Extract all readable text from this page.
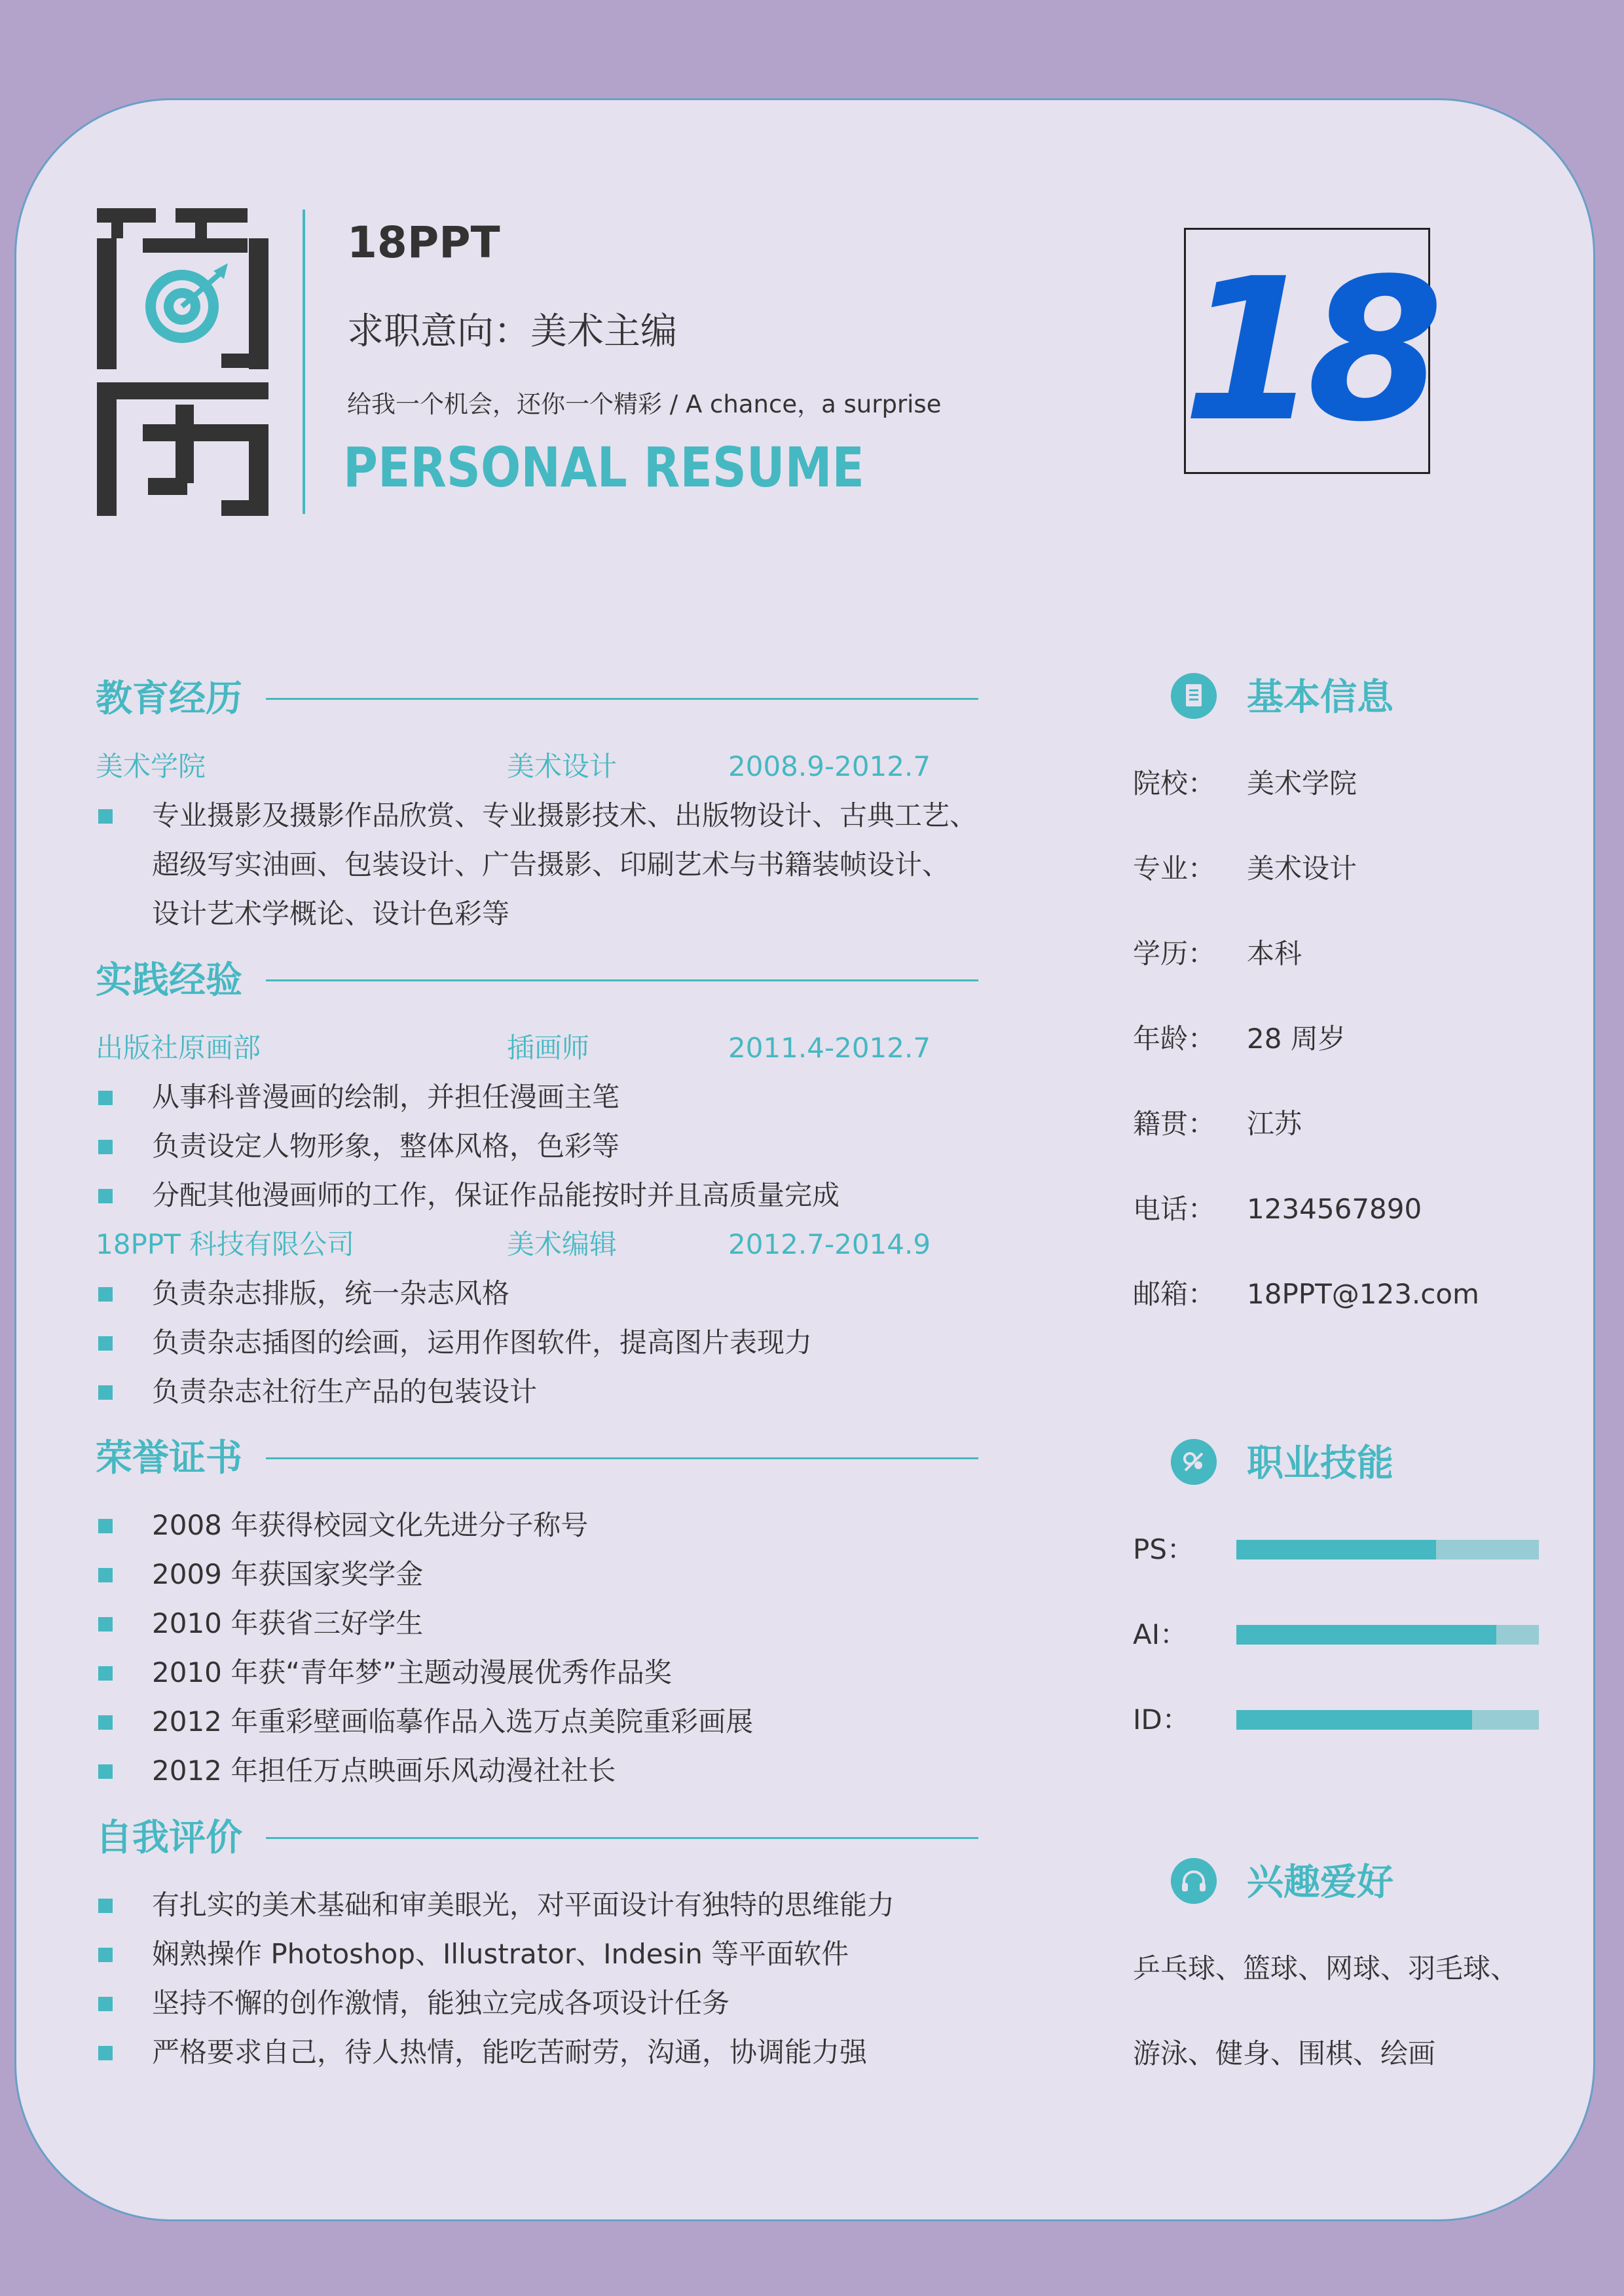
18PPT
求职意向：美术主编
给我一个机会，还你一个精彩 / A chance，a surprise
PERSONAL RESUME
18
教育经历
美术学院	美术设计	2008.9-2012.7
专业摄影及摄影作品欣赏、专业摄影技术、出版物设计、古典工艺、
超级写实油画、包装设计、广告摄影、印刷艺术与书籍装帧设计、
设计艺术学概论、设计色彩等
实践经验
出版社原画部	插画师	2011.4-2012.7
从事科普漫画的绘制，并担任漫画主笔
负责设定人物形象，整体风格，色彩等
分配其他漫画师的工作，保证作品能按时并且高质量完成
18PPT 科技有限公司	美术编辑	2012.7-2014.9
负责杂志排版，统一杂志风格
负责杂志插图的绘画，运用作图软件，提高图片表现力
负责杂志社衍生产品的包装设计
荣誉证书
2008 年获得校园文化先进分子称号
2009 年获国家奖学金
2010 年获省三好学生
2010 年获“青年梦”主题动漫展优秀作品奖
2012 年重彩壁画临摹作品入选万点美院重彩画展
2012 年担任万点映画乐风动漫社社长
自我评价
有扎实的美术基础和审美眼光，对平面设计有独特的思维能力
娴熟操作 Photoshop、Illustrator、Indesin 等平面软件
坚持不懈的创作激情，能独立完成各项设计任务
严格要求自己，待人热情，能吃苦耐劳，沟通，协调能力强
基本信息
院校： 美术学院
专业： 美术设计
学历： 本科
年龄： 28 周岁
籍贯： 江苏
电话： 1234567890
邮箱： 18PPT@123.com
职业技能
PS：
AI：
ID：
兴趣爱好
乒乓球、篮球、网球、羽毛球、
游泳、健身、围棋、绘画
